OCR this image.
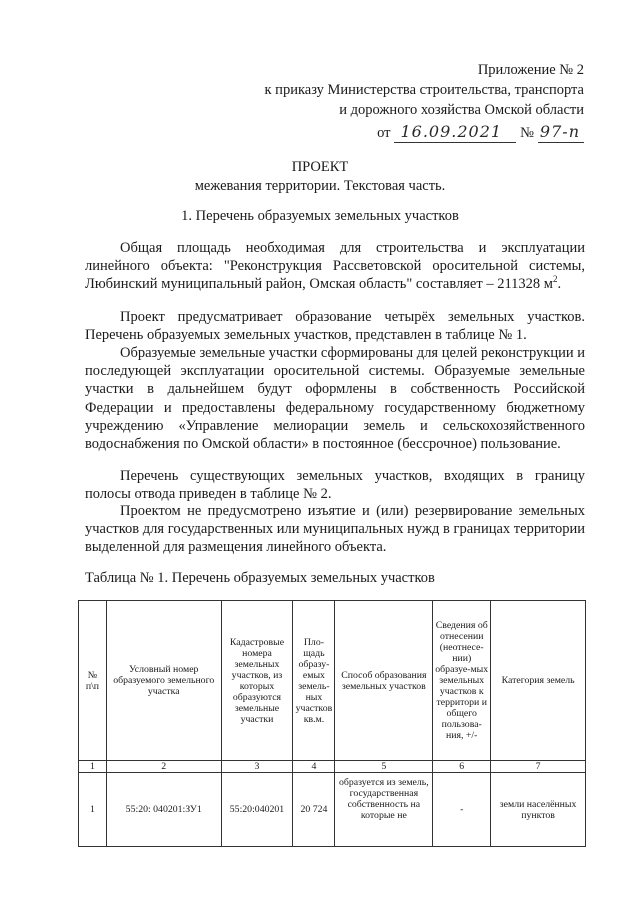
Приложение № 2
к приказу Министерства строительства, транспорта
и дорожного хозяйства Омской области
от 16.09.2021	№ 97-п
ПРОЕКТ
межевания территории. Текстовая часть.
1. Перечень образуемых земельных участков

Общая площадь необходимая для строительства и эксплуатации линейного объекта: "Реконструкция Рассветовской оросительной системы, Любинский муниципальный район, Омская область" составляет – 211328 $м^2$.

Проект предусматривает образование четырёх земельных участков. Перечень образуемых земельных участков, представлен в таблице № 1.

Образуемые земельные участки сформированы для целей реконструкции и последующей эксплуатации оросительной системы. Образуемые земельные участки в дальнейшем будут оформлены в собственность Российской Федерации и предоставлены федеральному государственному бюджетному учреждению «Управление мелиорации земель и сельскохозяйственного водоснабжения по Омской области» в постоянное (бессрочное) пользование.

Перечень существующих земельных участков, входящих в границу полосы отвода приведен в таблице № 2.

Проектом не предусмотрено изъятие и (или) резервирование земельных участков для государственных или муниципальных нужд в границах территории выделенной для размещения линейного объекта.

Таблица № 1. Перечень образуемых земельных участков
№ п\п	Условный номер образуемого земельного участка	Кадастровые номера земельных участков, из которых образуются земельные участки	Пло-щадь образу-емых земель-ных участков кв.м.	Способ образования земельных участков	Сведения об отнесении (неотнесе-нии) образуе-мых земельных участков к территори и общего пользова-ния, +/-	Категория земель
1	2	3	4	5	6	7
1	55:20: 040201:ЗУ1	55:20:040201	20 724	образуется из земель, государственная собственность на которые не	-	земли населённых пунктов
